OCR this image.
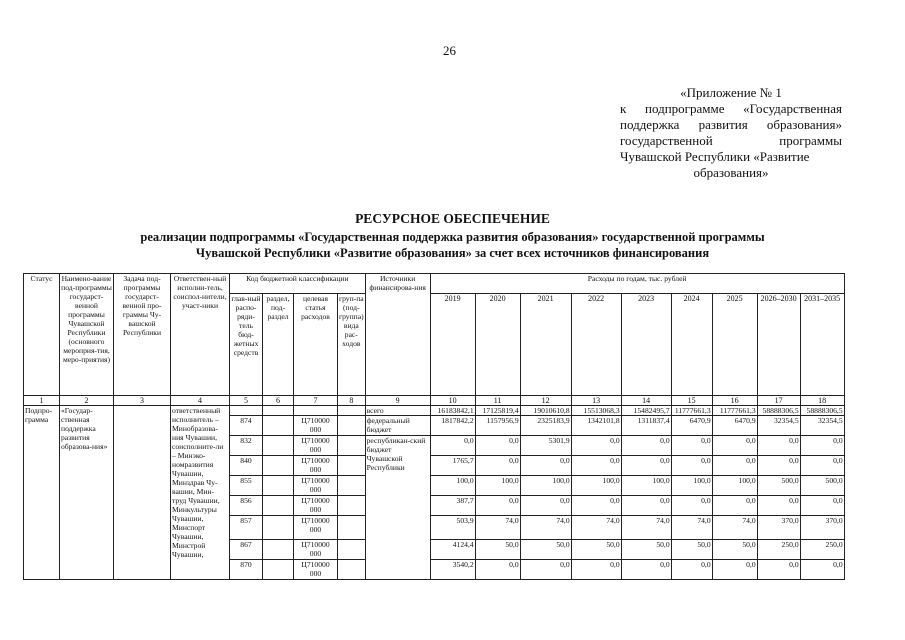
26
«Приложение № 1
к подпрограмме «Государственная поддержка развития образования» государственной программы Чувашской Республики «Развитие
образования»
РЕСУРСНОЕ ОБЕСПЕЧЕНИЕ
реализации подпрограммы «Государственная поддержка развития образования» государственной программы
Чувашской Республики «Развитие образования» за счет всех источников финансирования
Статус	Наимено-вание под-программы государст-венной программы Чувашской Республики (основного мероприя-тия, меро-приятия)	Задача под-программы государст-венной про-граммы Чу-вашской Республики	Ответствен-ный исполни-тель, соиспол-нители, участ-ники	Код бюджетной классификации				Источники финансирова-ния	Расходы по годам, тыс. рублей								
				глав-ный распо-ряди-тель бюд-жетных средств	раздел, под-раздел	целевая статья расходов	груп-па (под-группа) вида рас-ходов		2019	2020	2021	2022	2023	2024	2025	2026–2030	2031–2035
1	2	3	4	5	6	7	8	9	10	11	12	13	14	15	16	17	18
Подпро-грамма	«Государ-ственная поддержка развития образова-ния»		ответственный исполнитель – Минобразова-ния Чувашии, соисполните-ли – Минэко-номразвития Чувашии, Минздрав Чу-вашии, Мин-труд Чувашии, Минкультуры Чувашии, Минспорт Чувашии, Минстрой Чувашии,					всего	16183842,1	17125819,4	19010610,8	15513068,3	15482495,7	11777661,3	11777661,3	58888306,5	58888306,5
				874		Ц710000 000		федеральный бюджет	1817842,2	1157956,9	2325183,9	1342101,8	1311837,4	6470,9	6470,9	32354,5	32354,5
				832		Ц710000 000		республикан-ский бюджет Чувашской Республики	0,0	0,0	5301,9	0,0	0,0	0,0	0,0	0,0	0,0
				840		Ц710000 000			1765,7	0,0	0,0	0,0	0,0	0,0	0,0	0,0	0,0
				855		Ц710000 000			100,0	100,0	100,0	100,0	100,0	100,0	100,0	500,0	500,0
				856		Ц710000 000			387,7	0,0	0,0	0,0	0,0	0,0	0,0	0,0	0,0
				857		Ц710000 000			503,9	74,0	74,0	74,0	74,0	74,0	74,0	370,0	370,0
				867		Ц710000 000			4124,4	50,0	50,0	50,0	50,0	50,0	50,0	250,0	250,0
				870		Ц710000 000			3540,2	0,0	0,0	0,0	0,0	0,0	0,0	0,0	0,0
